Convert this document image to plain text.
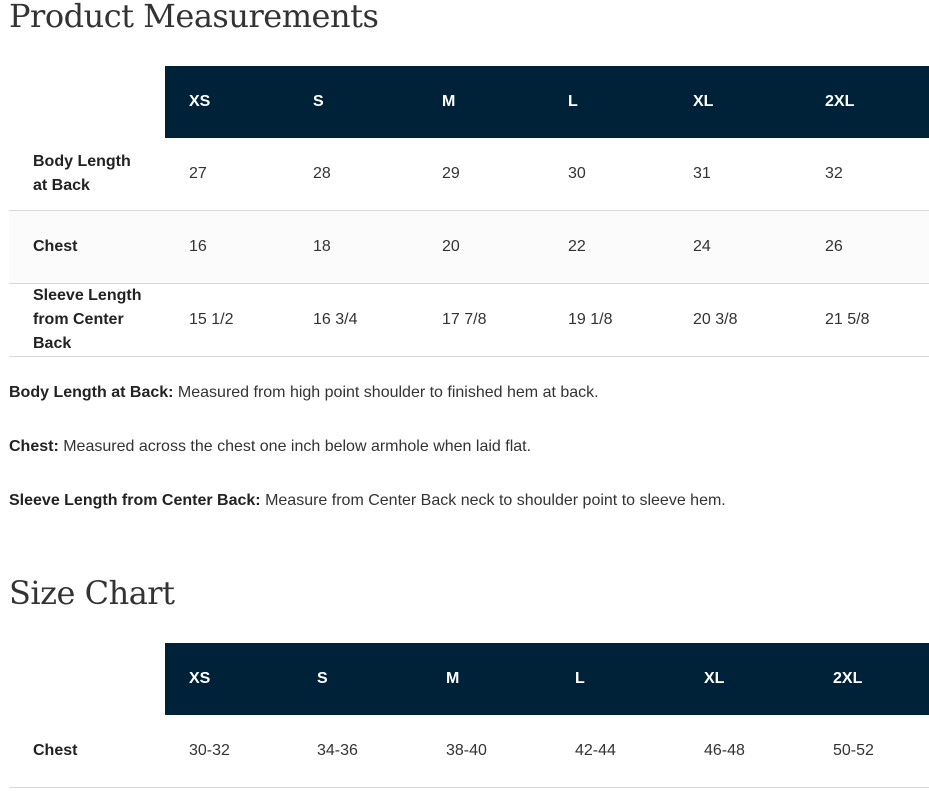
Product Measurements
	XS	S	M	L	XL	2XL
Body Length at Back	27	28	29	30	31	32
Chest	16	18	20	22	24	26
Sleeve Length from Center Back	15 1/2	16 3/4	17 7/8	19 1/8	20 3/8	21 5/8

Body Length at Back: Measured from high point shoulder to finished hem at back.

Chest: Measured across the chest one inch below armhole when laid flat.

Sleeve Length from Center Back: Measure from Center Back neck to shoulder point to sleeve hem.

Size Chart
	XS	S	M	L	XL	2XL
Chest	30-32	34-36	38-40	42-44	46-48	50-52
